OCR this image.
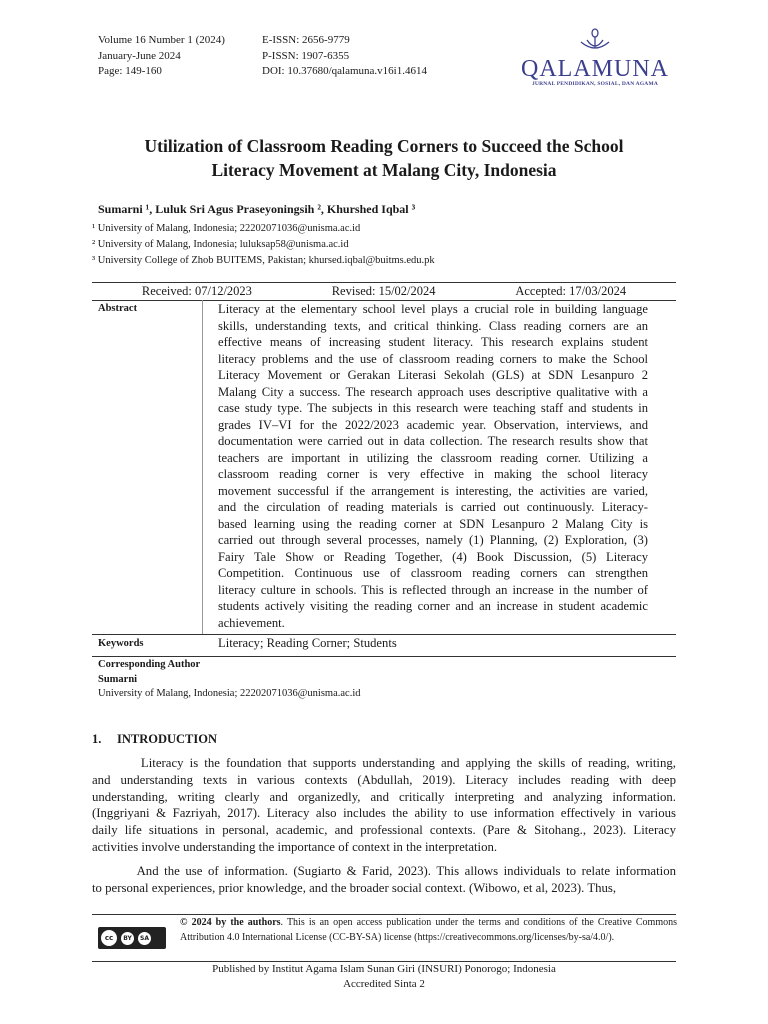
Volume 16 Number 1 (2024)
January-June 2024
Page: 149-160
E-ISSN: 2656-9779
P-ISSN: 1907-6355
DOI: 10.37680/qalamuna.v16i1.4614	QALAMUNA
JURNAL PENDIDIKAN, SOSIAL, DAN AGAMA
Utilization of Classroom Reading Corners to Succeed the School
Literacy Movement at Malang City, Indonesia
Sumarni ¹, Luluk Sri Agus Praseyoningsih ², Khurshed Iqbal ³
¹ University of Malang, Indonesia; 22202071036@unisma.ac.id
² University of Malang, Indonesia; luluksap58@unisma.ac.id
³ University College of Zhob BUITEMS, Pakistan; khursed.iqbal@buitms.edu.pk
Received: 07/12/2023	Revised: 15/02/2024	Accepted: 17/03/2024
Abstract	Literacy at the elementary school level plays a crucial role in building language
skills, understanding texts, and critical thinking. Class reading corners are an
effective means of increasing student literacy. This research explains student
literacy problems and the use of classroom reading corners to make the School
Literacy Movement or Gerakan Literasi Sekolah (GLS) at SDN Lesanpuro 2
Malang City a success. The research approach uses descriptive qualitative with a
case study type. The subjects in this research were teaching staff and students in
grades IV–VI for the 2022/2023 academic year. Observation, interviews, and
documentation were carried out in data collection. The research results show that
teachers are important in utilizing the classroom reading corner. Utilizing a
classroom reading corner is very effective in making the school literacy
movement successful if the arrangement is interesting, the activities are varied,
and the circulation of reading materials is carried out continuously. Literacy-
based learning using the reading corner at SDN Lesanpuro 2 Malang City is
carried out through several processes, namely (1) Planning, (2) Exploration, (3)
Fairy Tale Show or Reading Together, (4) Book Discussion, (5) Literacy
Competition. Continuous use of classroom reading corners can strengthen
literacy culture in schools. This is reflected through an increase in the number of
students actively visiting the reading corner and an increase in student academic
achievement.
Keywords	Literacy; Reading Corner; Students
Corresponding Author
Sumarni
University of Malang, Indonesia; 22202071036@unisma.ac.id
1.     INTRODUCTION
Literacy is the foundation that supports understanding and applying the skills of reading, writing,
and understanding texts in various contexts (Abdullah, 2019). Literacy includes reading with deep
understanding, writing clearly and organizedly, and critically interpreting and analyzing information.
(Inggriyani & Fazriyah, 2017). Literacy also includes the ability to use information effectively in various
daily life situations in personal, academic, and professional contexts. (Pare & Sitohang., 2023). Literacy
activities involve understanding the importance of context in the interpretation.
And the use of information. (Sugiarto & Farid, 2023). This allows individuals to relate information
to personal experiences, prior knowledge, and the broader social context. (Wibowo, et al, 2023). Thus,
cc	BY	SA
© 2024 by the authors. This is an open access publication under the terms and conditions of the Creative Commons Attribution 4.0 International License (CC-BY-SA) license (https://creativecommons.org/licenses/by-sa/4.0/).
Published by Institut Agama Islam Sunan Giri (INSURI) Ponorogo; Indonesia
Accredited Sinta 2
